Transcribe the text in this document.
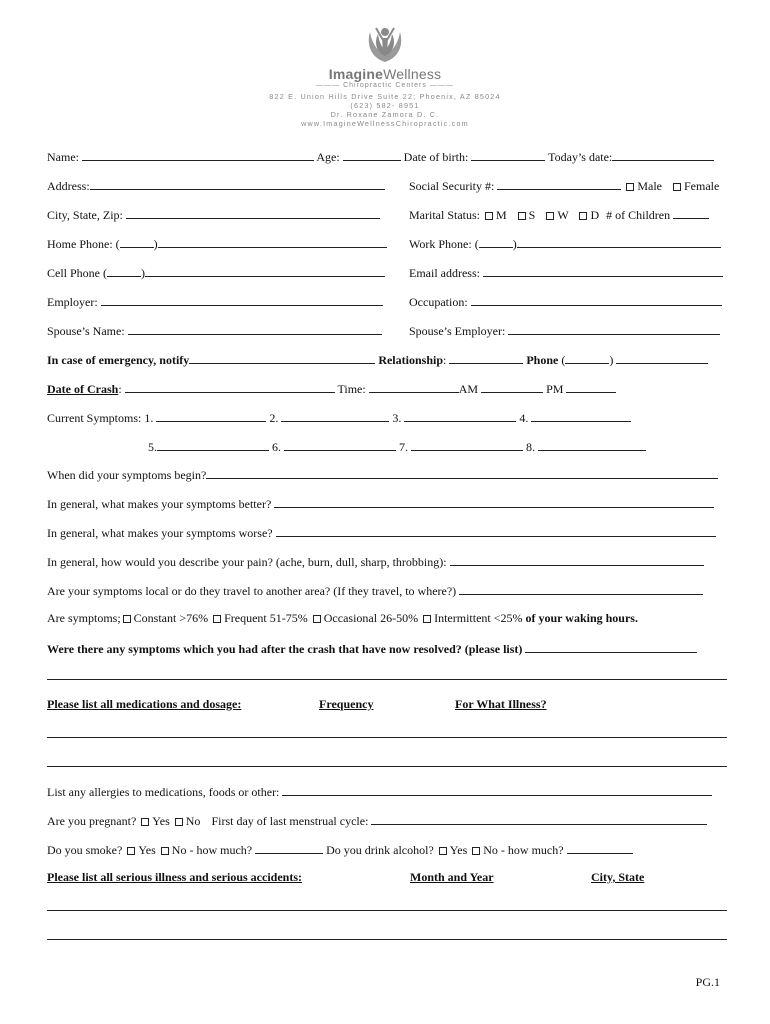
ImagineWellness
——— Chiropractic Centers ———
822 E. Union Hills Drive Suite 22; Phoenix, AZ 85024
(623) 582- 8951
Dr. Roxane Zamora D. C.
www.ImagineWellnessChiropractic.com
Name:	Age:	Date of birth:	Today’s date:
Address:	Social Security #:	Male Female
City, State, Zip:	Marital Status: M S W D # of Children
Home Phone: (	)	Work Phone: (	)
Cell Phone (	)	Email address:
Employer:	Occupation:
Spouse’s Name:	Spouse’s Employer:
In case of emergency, notify	Relationship:	Phone (	)
Date of Crash:	Time:	AM	PM
Current Symptoms: 1.	2.	3.	4.
5.	6.	7.	8.
When did your symptoms begin?
In general, what makes your symptoms better?
In general, what makes your symptoms worse?
In general, how would you describe your pain? (ache, burn, dull, sharp, throbbing):
Are your symptoms local or do they travel to another area? (If they travel, to where?)
Are symptoms; Constant >76% Frequent 51-75% Occasional 26-50% Intermittent <25% of your waking hours.
Were there any symptoms which you had after the crash that have now resolved? (please list)
Please list all medications and dosage:	Frequency	For What Illness?
List any allergies to medications, foods or other:
Are you pregnant? Yes No First day of last menstrual cycle:
Do you smoke? Yes No - how much?	Do you drink alcohol? Yes No - how much?
Please list all serious illness and serious accidents:	Month and Year	City, State
PG.1
